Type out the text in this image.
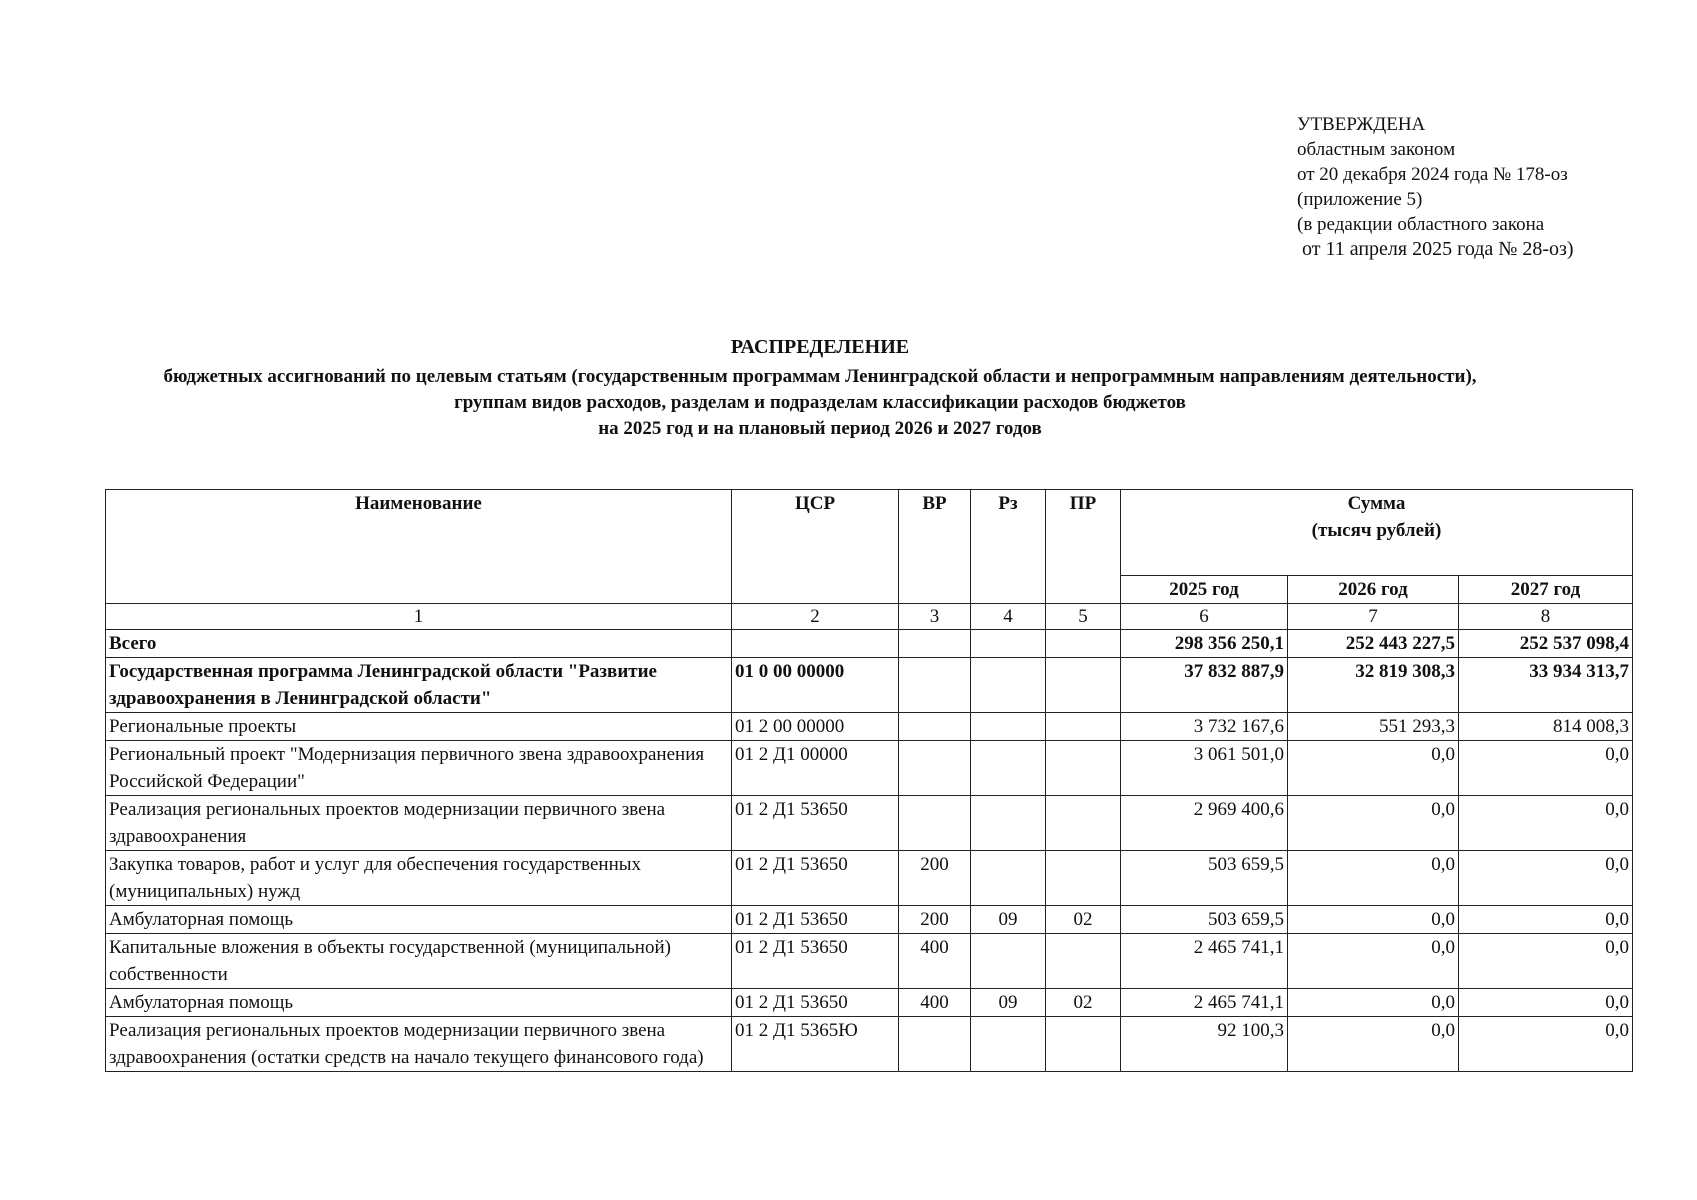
УТВЕРЖДЕНА
областным законом
от 20 декабря 2024 года № 178-оз
(приложение 5)
(в редакции областного закона
от 11 апреля 2025 года № 28-оз)
РАСПРЕДЕЛЕНИЕ
бюджетных ассигнований по целевым статьям (государственным программам Ленинградской области и непрограммным направлениям деятельности),
группам видов расходов, разделам и подразделам классификации расходов бюджетов
на 2025 год и на плановый период 2026 и 2027 годов
Наименование	ЦСР	ВР	Рз	ПР	Сумма
(тысяч рублей)		

					2025 год	2026 год	2027 год
1	2	3	4	5	6	7	8
Всего					298 356 250,1	252 443 227,5	252 537 098,4
Государственная программа Ленинградской области "Развитие здравоохранения в Ленинградской области"	01 0 00 00000				37 832 887,9	32 819 308,3	33 934 313,7
Региональные проекты	01 2 00 00000				3 732 167,6	551 293,3	814 008,3
Региональный проект "Модернизация первичного звена здравоохранения Российской Федерации"	01 2 Д1 00000				3 061 501,0	0,0	0,0
Реализация региональных проектов модернизации первичного звена здравоохранения	01 2 Д1 53650				2 969 400,6	0,0	0,0
Закупка товаров, работ и услуг для обеспечения государственных (муниципальных) нужд	01 2 Д1 53650	200			503 659,5	0,0	0,0
Амбулаторная помощь	01 2 Д1 53650	200	09	02	503 659,5	0,0	0,0
Капитальные вложения в объекты государственной (муниципальной) собственности	01 2 Д1 53650	400			2 465 741,1	0,0	0,0
Амбулаторная помощь	01 2 Д1 53650	400	09	02	2 465 741,1	0,0	0,0
Реализация региональных проектов модернизации первичного звена здравоохранения (остатки средств на начало текущего финансового года)	01 2 Д1 5365Ю				92 100,3	0,0	0,0
